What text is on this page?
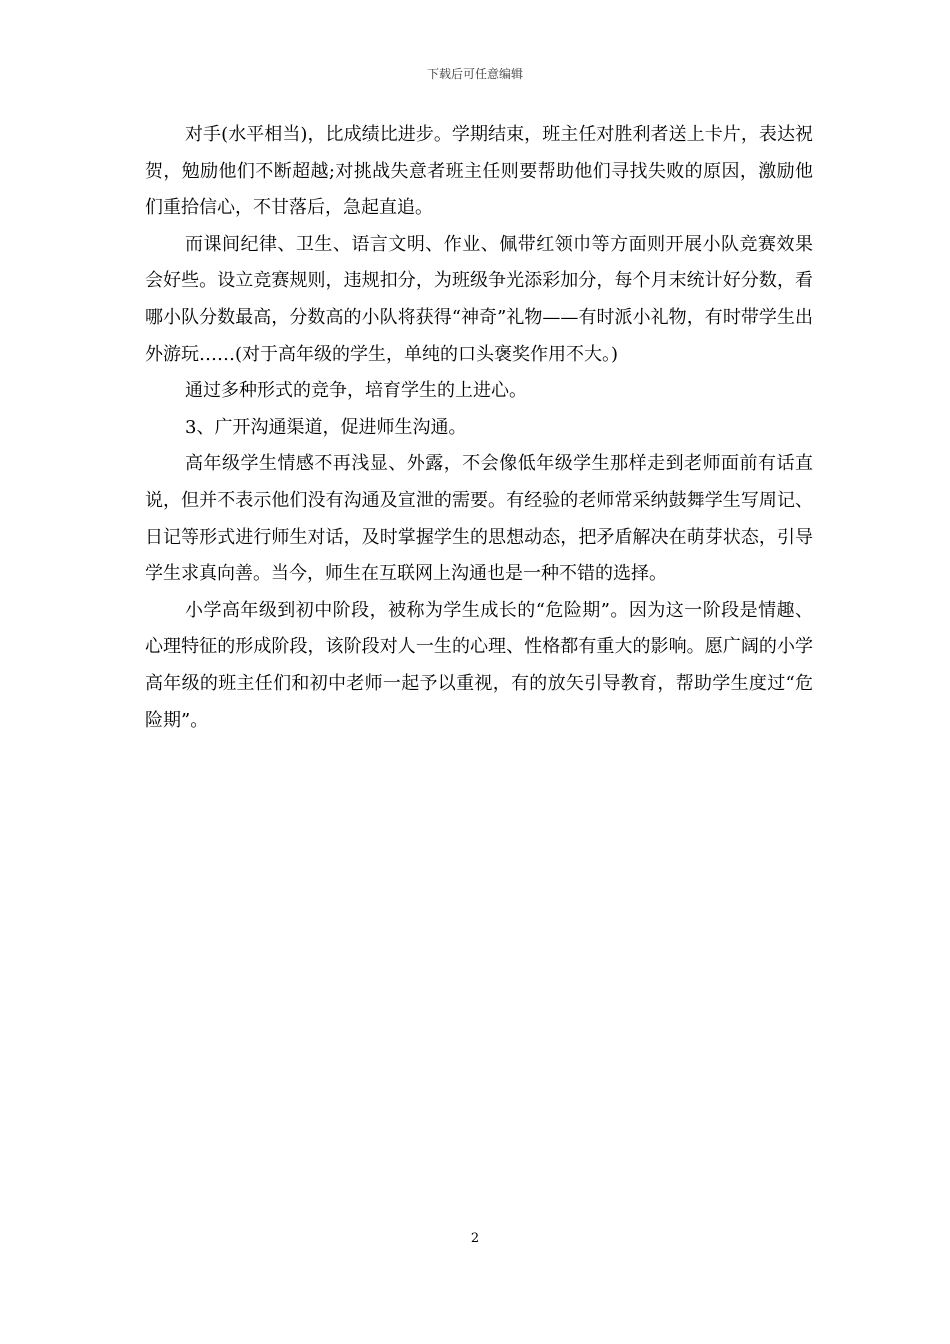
下载后可任意编辑

对手(水平相当)，比成绩比进步。学期结束，班主任对胜利者送上卡片，表达祝贺，勉励他们不断超越;对挑战失意者班主任则要帮助他们寻找失败的原因，激励他们重拾信心，不甘落后，急起直追。

而课间纪律、卫生、语言文明、作业、佩带红领巾等方面则开展小队竞赛效果会好些。设立竞赛规则，违规扣分，为班级争光添彩加分，每个月末统计好分数，看哪小队分数最高，分数高的小队将获得“神奇”礼物——有时派小礼物，有时带学生出外游玩……(对于高年级的学生，单纯的口头褒奖作用不大。)

通过多种形式的竞争，培育学生的上进心。

3、广开沟通渠道，促进师生沟通。

高年级学生情感不再浅显、外露，不会像低年级学生那样走到老师面前有话直说，但并不表示他们没有沟通及宣泄的需要。有经验的老师常采纳鼓舞学生写周记、日记等形式进行师生对话，及时掌握学生的思想动态，把矛盾解决在萌芽状态，引导学生求真向善。当今，师生在互联网上沟通也是一种不错的选择。

小学高年级到初中阶段，被称为学生成长的“危险期”。因为这一阶段是情趣、心理特征的形成阶段，该阶段对人一生的心理、性格都有重大的影响。愿广阔的小学高年级的班主任们和初中老师一起予以重视，有的放矢引导教育，帮助学生度过“危险期”。

2
